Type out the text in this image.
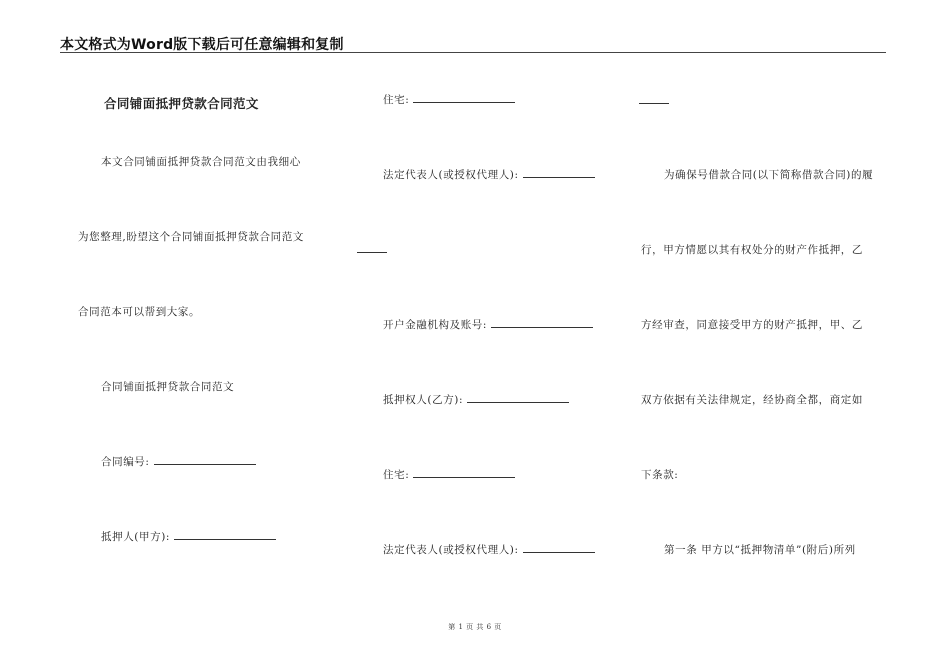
本文格式为Word版下载后可任意编辑和复制
合同铺面抵押贷款合同范文
本文合同铺面抵押贷款合同范文由我细心
为您整理,盼望这个合同铺面抵押贷款合同范文
合同范本可以帮到大家。
合同铺面抵押贷款合同范文
合同编号:
抵押人(甲方):
住宅:
法定代表人(或授权代理人):
开户金融机构及账号:
抵押权人(乙方):
住宅:
法定代表人(或授权代理人):
为确保号借款合同(以下简称借款合同)的履
行，甲方情愿以其有权处分的财产作抵押，乙
方经审查，同意接受甲方的财产抵押，甲、乙
双方依据有关法律规定，经协商全都，商定如
下条款:
第一条 甲方以“抵押物清单”(附后)所列
第 1 页 共 6 页
